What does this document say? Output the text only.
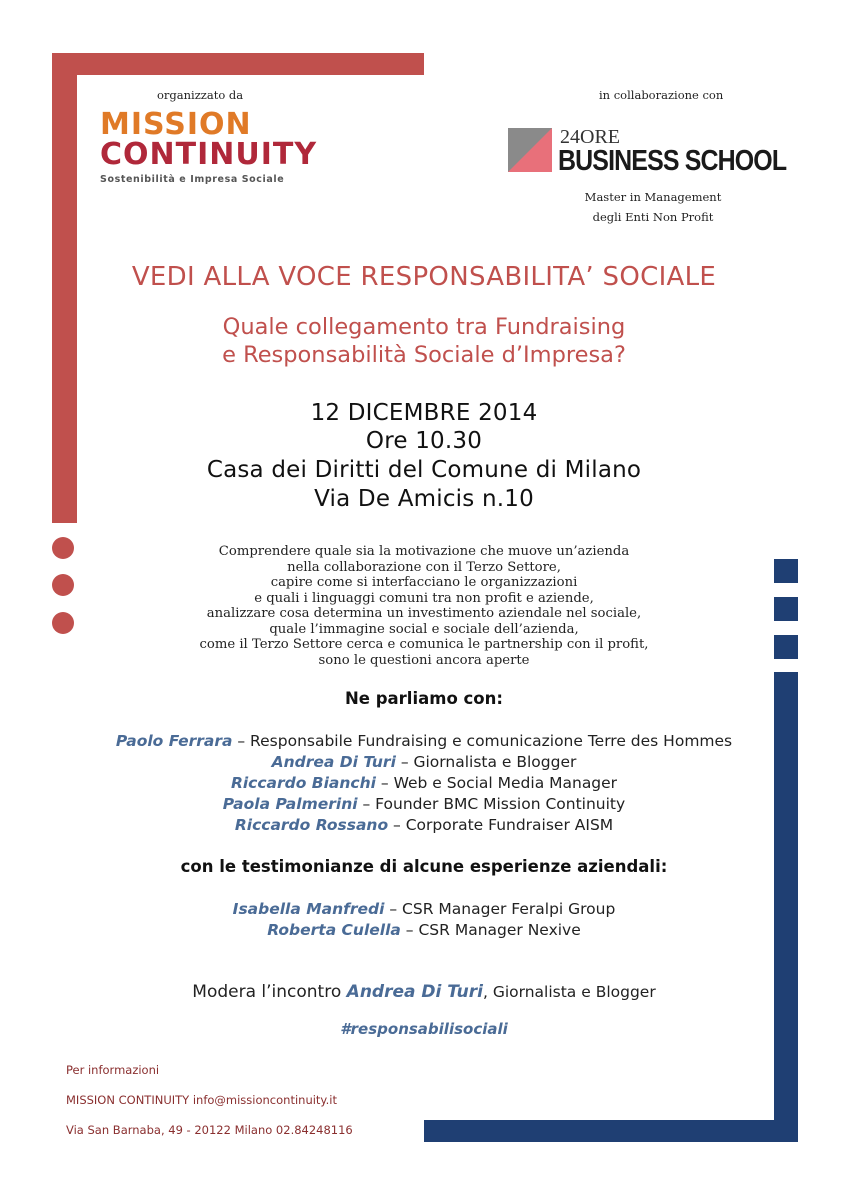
organizzato da	in collaborazione con
MISSION
CONTINUITY
Sostenibilità e Impresa Sociale
24ORE
BUSINESS SCHOOL
Master in Management
degli Enti Non Profit
VEDI ALLA VOCE RESPONSABILITA’ SOCIALE
Quale collegamento tra Fundraising
e Responsabilità Sociale d’Impresa?
12 DICEMBRE 2014
Ore 10.30
Casa dei Diritti del Comune di Milano
Via De Amicis n.10
Comprendere quale sia la motivazione che muove un’azienda
nella collaborazione con il Terzo Settore,
capire come si interfacciano le organizzazioni
e quali i linguaggi comuni tra non profit e aziende,
analizzare cosa determina un investimento aziendale nel sociale,
quale l’immagine social e sociale dell’azienda,
come il Terzo Settore cerca e comunica le partnership con il profit,
sono le questioni ancora aperte
Ne parliamo con:
Paolo Ferrara – Responsabile Fundraising e comunicazione Terre des Hommes
Andrea Di Turi – Giornalista e Blogger
Riccardo Bianchi – Web e Social Media Manager
Paola Palmerini – Founder BMC Mission Continuity
Riccardo Rossano – Corporate Fundraiser AISM
con le testimonianze di alcune esperienze aziendali:
Isabella Manfredi – CSR Manager Feralpi Group
Roberta Culella – CSR Manager Nexive
Modera l’incontro Andrea Di Turi, Giornalista e Blogger
#responsabilisociali
Per informazioni
MISSION CONTINUITY info@missioncontinuity.it
Via San Barnaba, 49 - 20122 Milano 02.84248116
